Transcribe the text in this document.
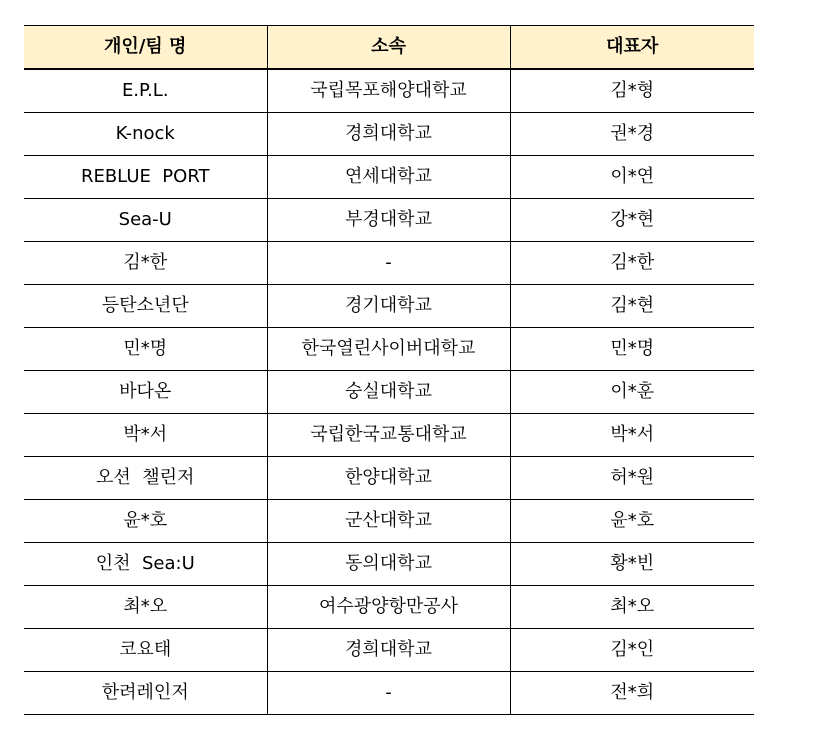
개인/팀 명	소속	대표자
E.P.L.	국립목포해양대학교	김*형
K-nock	경희대학교	권*경
REBLUE  PORT	연세대학교	이*연
Sea-U	부경대학교	강*현
김*한	-	김*한
등탄소년단	경기대학교	김*현
민*명	한국열린사이버대학교	민*명
바다온	숭실대학교	이*훈
박*서	국립한국교통대학교	박*서
오션  챌린저	한양대학교	허*원
윤*호	군산대학교	윤*호
인천  Sea:U	동의대학교	황*빈
최*오	여수광양항만공사	최*오
코요태	경희대학교	김*인
한려레인저	-	전*희
